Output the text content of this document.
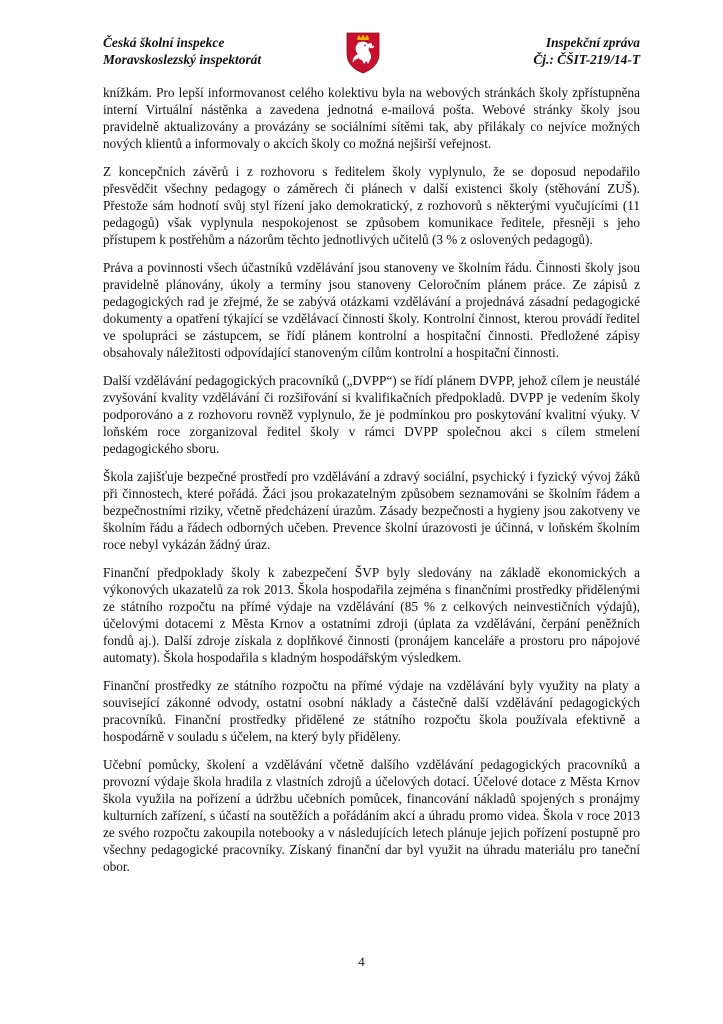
Česká školní inspekce
Moravskoslezský inspektorát
Inspekční zpráva
Čj.: ČŠIT-219/14-T

knížkám. Pro lepší informovanost celého kolektivu byla na webových stránkách školy zpřístupněna interní Virtuální nástěnka a zavedena jednotná e-mailová pošta. Webové stránky školy jsou pravidelně aktualizovány a provázány se sociálními sítěmi tak, aby přilákaly co nejvíce možných nových klientů a informovaly o akcích školy co možná nejširší veřejnost.

Z koncepčních závěrů i z rozhovoru s ředitelem školy vyplynulo, že se doposud nepodařilo přesvědčit všechny pedagogy o záměrech či plánech v další existenci školy (stěhování ZUŠ). Přestože sám hodnotí svůj styl řízení jako demokratický, z rozhovorů s některými vyučujícími (11 pedagogů) však vyplynula nespokojenost se způsobem komunikace ředitele, přesněji s jeho přístupem k postřehům a názorům těchto jednotlivých učitelů (3 % z oslovených pedagogů).

Práva a povinnosti všech účastníků vzdělávání jsou stanoveny ve školním řádu. Činnosti školy jsou pravidelně plánovány, úkoly a termíny jsou stanoveny Celoročním plánem práce. Ze zápisů z pedagogických rad je zřejmé, že se zabývá otázkami vzdělávání a projednává zásadní pedagogické dokumenty a opatření týkající se vzdělávací činnosti školy. Kontrolní činnost, kterou provádí ředitel ve spolupráci se zástupcem, se řídí plánem kontrolní a hospitační činnosti. Předložené zápisy obsahovaly náležitosti odpovídající stanoveným cílům kontrolní a hospitační činnosti.

Další vzdělávání pedagogických pracovníků („DVPP“) se řídí plánem DVPP, jehož cílem je neustálé zvyšování kvality vzdělávání či rozšiřování si kvalifikačních předpokladů. DVPP je vedením školy podporováno a z rozhovoru rovněž vyplynulo, že je podmínkou pro poskytování kvalitní výuky. V loňském roce zorganizoval ředitel školy v rámci DVPP společnou akci s cílem stmelení pedagogického sboru.

Škola zajišťuje bezpečné prostředí pro vzdělávání a zdravý sociální, psychický i fyzický vývoj žáků při činnostech, které pořádá. Žáci jsou prokazatelným způsobem seznamováni se školním řádem a bezpečnostními riziky, včetně předcházení úrazům. Zásady bezpečnosti a hygieny jsou zakotveny ve školním řádu a řádech odborných učeben. Prevence školní úrazovosti je účinná, v loňském školním roce nebyl vykázán žádný úraz.

Finanční předpoklady školy k zabezpečení ŠVP byly sledovány na základě ekonomických a výkonových ukazatelů za rok 2013. Škola hospodařila zejména s finančními prostředky přidělenými ze státního rozpočtu na přímé výdaje na vzdělávání (85 % z celkových neinvestičních výdajů), účelovými dotacemi z Města Krnov a ostatními zdroji (úplata za vzdělávání, čerpání peněžních fondů aj.). Další zdroje získala z doplňkové činnosti (pronájem kanceláře a prostoru pro nápojové automaty). Škola hospodařila s kladným hospodářským výsledkem.

Finanční prostředky ze státního rozpočtu na přímé výdaje na vzdělávání byly využity na platy a související zákonné odvody, ostatní osobní náklady a částečně další vzdělávání pedagogických pracovníků. Finanční prostředky přidělené ze státního rozpočtu škola používala efektivně a hospodárně v souladu s účelem, na který byly přiděleny.

Učební pomůcky, školení a vzdělávání včetně dalšího vzdělávání pedagogických pracovníků a provozní výdaje škola hradila z vlastních zdrojů a účelových dotací. Účelové dotace z Města Krnov škola využila na pořízení a údržbu učebních pomůcek, financování nákladů spojených s pronájmy kulturních zařízení, s účastí na soutěžích a pořádáním akcí a úhradu promo videa. Škola v roce 2013 ze svého rozpočtu zakoupila notebooky a v následujících letech plánuje jejich pořízení postupně pro všechny pedagogické pracovníky. Získaný finanční dar byl využit na úhradu materiálu pro taneční obor.

4
